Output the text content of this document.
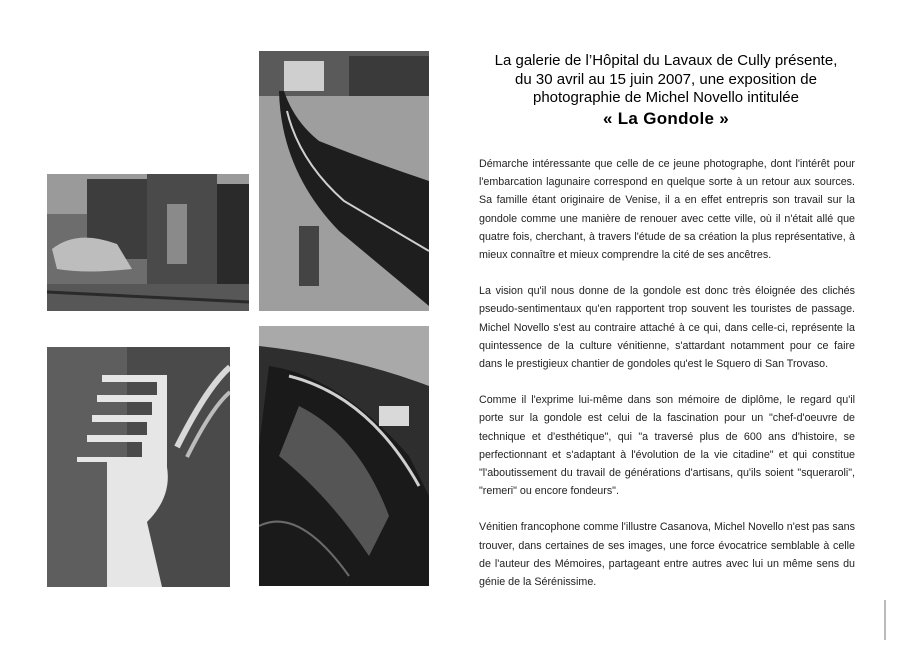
La galerie de l’Hôpital du Lavaux de Cully présente,
du 30 avril au 15 juin 2007, une exposition de
photographie de Michel Novello intitulée
« La Gondole »

Démarche intéressante que celle de ce jeune photographe, dont l'intérêt pour l'embarcation lagunaire correspond en quelque sorte à un retour aux sources. Sa famille étant originaire de Venise, il a en effet entrepris son travail sur la gondole comme une manière de renouer avec cette ville, où il n'était allé que quatre fois, cherchant, à travers l'étude de sa création la plus représentative, à mieux connaître et mieux comprendre la cité de ses ancêtres.

La vision qu'il nous donne de la gondole est donc très éloignée des clichés pseudo-sentimentaux qu'en rapportent trop souvent les touristes de passage. Michel Novello s'est au contraire attaché à ce qui, dans celle-ci, représente la quintessence de la culture vénitienne, s'attardant notamment pour ce faire dans le prestigieux chantier de gondoles qu'est le Squero di San Trovaso.

Comme il l'exprime lui-même dans son mémoire de diplôme, le regard qu'il porte sur la gondole est celui de la fascination pour un "chef-d'oeuvre de technique et d'esthétique", qui "a traversé plus de 600 ans d'histoire, se perfectionnant et s'adaptant à l'évolution de la vie citadine" et qui constitue "l'aboutissement du travail de générations d'artisans, qu'ils soient "squeraroli", "remeri" ou encore fondeurs".

Vénitien francophone comme l'illustre Casanova, Michel Novello n'est pas sans trouver, dans certaines de ses images, une force évocatrice semblable à celle de l'auteur des Mémoires, partageant entre autres avec lui un même sens du génie de la Sérénissime.
